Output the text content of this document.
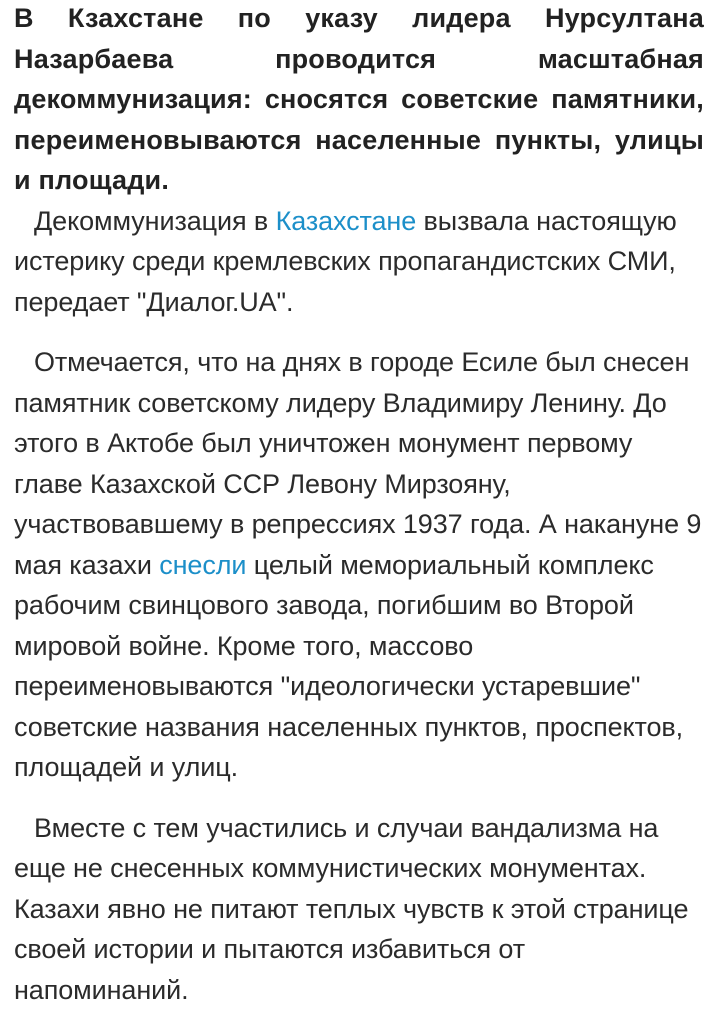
В Кзахстане по указу лидера Нурсултана Назарбаева проводится масштабная декоммунизация: сносятся советские памятники, переименовываются населенные пункты, улицы и площади.

Декоммунизация в Казахстане вызвала настоящую истерику среди кремлевских пропагандистских СМИ, передает "Диалог.UA".

Отмечается, что на днях в городе Есиле был снесен памятник советскому лидеру Владимиру Ленину. До этого в Актобе был уничтожен монумент первому главе Казахской ССР Левону Мирзояну, участвовавшему в репрессиях 1937 года. А накануне 9 мая казахи снесли целый мемориальный комплекс рабочим свинцового завода, погибшим во Второй мировой войне. Кроме того, массово переименовываются "идеологически устаревшие" советские названия населенных пунктов, проспектов, площадей и улиц.

Вместе с тем участились и случаи вандализма на еще не снесенных коммунистических монументах. Казахи явно не питают теплых чувств к этой странице своей истории и пытаются избавиться от напоминаний.
